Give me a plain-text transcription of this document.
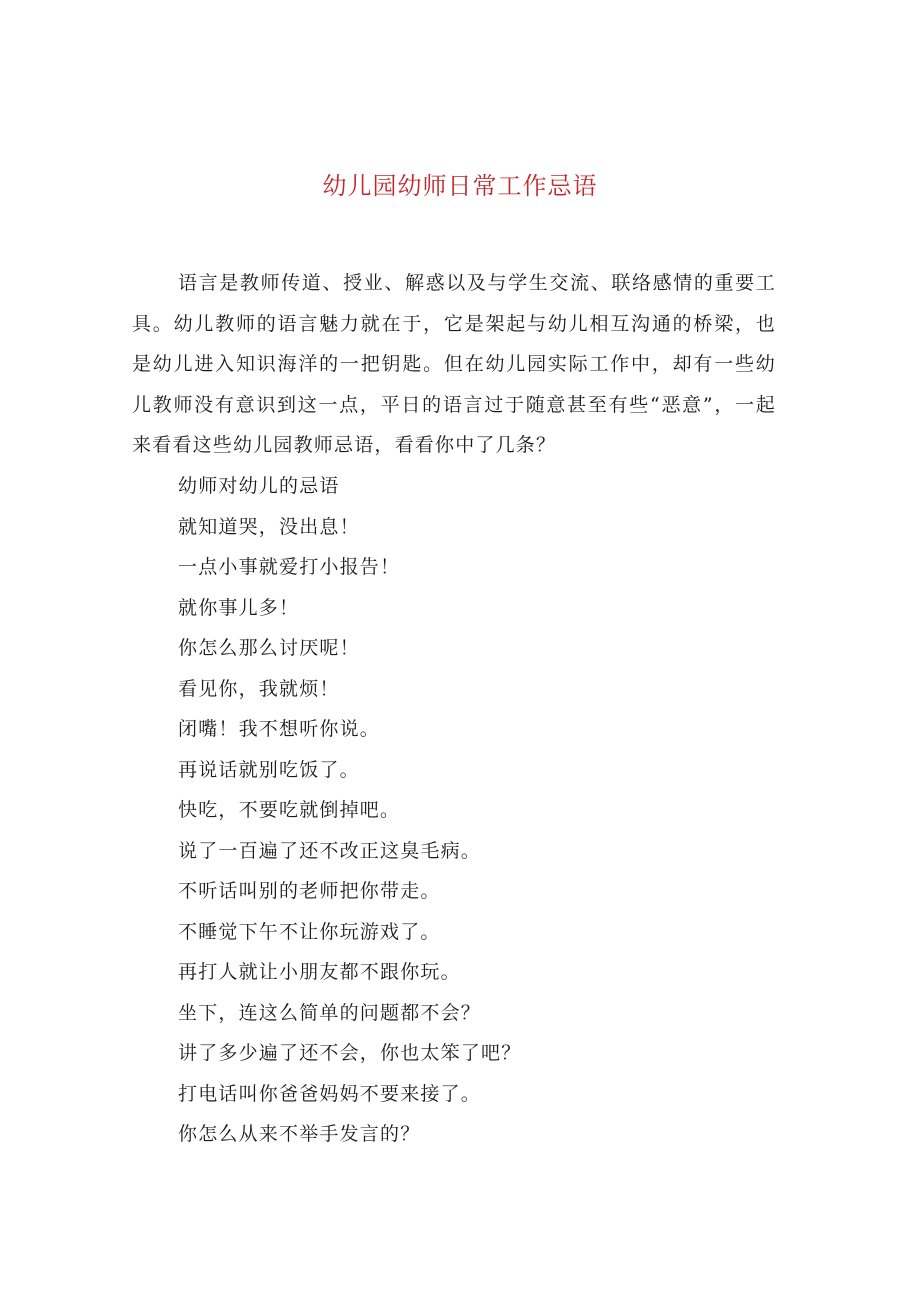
幼儿园幼师日常工作忌语

语言是教师传道、授业、解惑以及与学生交流、联络感情的重要工具。幼儿教师的语言魅力就在于，它是架起与幼儿相互沟通的桥梁，也是幼儿进入知识海洋的一把钥匙。但在幼儿园实际工作中，却有一些幼儿教师没有意识到这一点，平日的语言过于随意甚至有些“恶意”，一起来看看这些幼儿园教师忌语，看看你中了几条？

幼师对幼儿的忌语
就知道哭，没出息！
一点小事就爱打小报告！
就你事儿多！
你怎么那么讨厌呢！
看见你，我就烦！
闭嘴！我不想听你说。
再说话就别吃饭了。
快吃，不要吃就倒掉吧。
说了一百遍了还不改正这臭毛病。
不听话叫别的老师把你带走。
不睡觉下午不让你玩游戏了。
再打人就让小朋友都不跟你玩。
坐下，连这么简单的问题都不会？
讲了多少遍了还不会，你也太笨了吧？
打电话叫你爸爸妈妈不要来接了。
你怎么从来不举手发言的？
